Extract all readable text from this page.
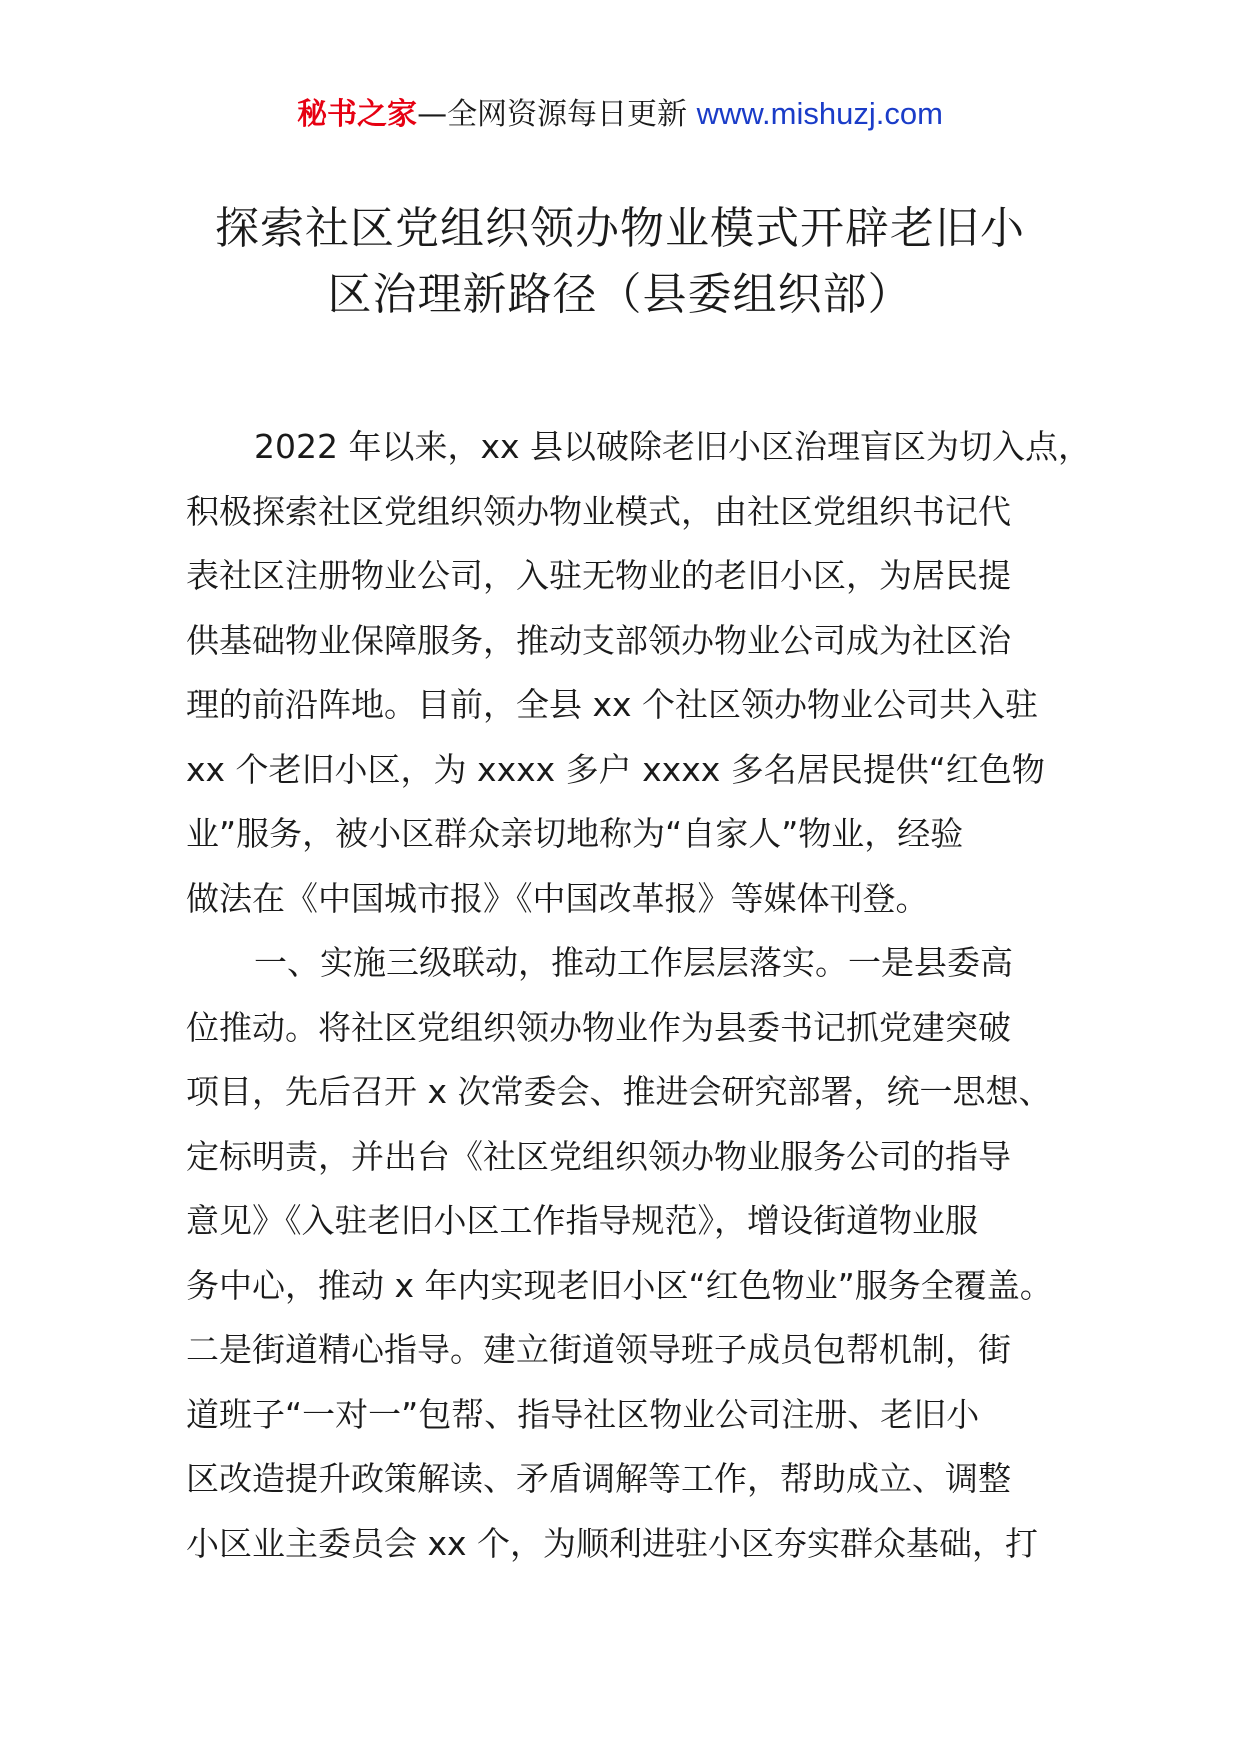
秘书之家—全网资源每日更新 www.mishuzj.com
探索社区党组织领办物业模式开辟老旧小
区治理新路径（县委组织部）
2022 年以来，xx 县以破除老旧小区治理盲区为切入点，
积极探索社区党组织领办物业模式，由社区党组织书记代
表社区注册物业公司，入驻无物业的老旧小区，为居民提
供基础物业保障服务，推动支部领办物业公司成为社区治
理的前沿阵地。目前，全县 xx 个社区领办物业公司共入驻
xx 个老旧小区，为 xxxx 多户 xxxx 多名居民提供“红色物
业”服务，被小区群众亲切地称为“自家人”物业，经验
做法在《中国城市报》《中国改革报》等媒体刊登。
一、实施三级联动，推动工作层层落实。一是县委高
位推动。将社区党组织领办物业作为县委书记抓党建突破
项目，先后召开 x 次常委会、推进会研究部署，统一思想、
定标明责，并出台《社区党组织领办物业服务公司的指导
意见》《入驻老旧小区工作指导规范》，增设街道物业服
务中心，推动 x 年内实现老旧小区“红色物业”服务全覆盖。
二是街道精心指导。建立街道领导班子成员包帮机制，街
道班子“一对一”包帮、指导社区物业公司注册、老旧小
区改造提升政策解读、矛盾调解等工作，帮助成立、调整
小区业主委员会 xx 个，为顺利进驻小区夯实群众基础，打
